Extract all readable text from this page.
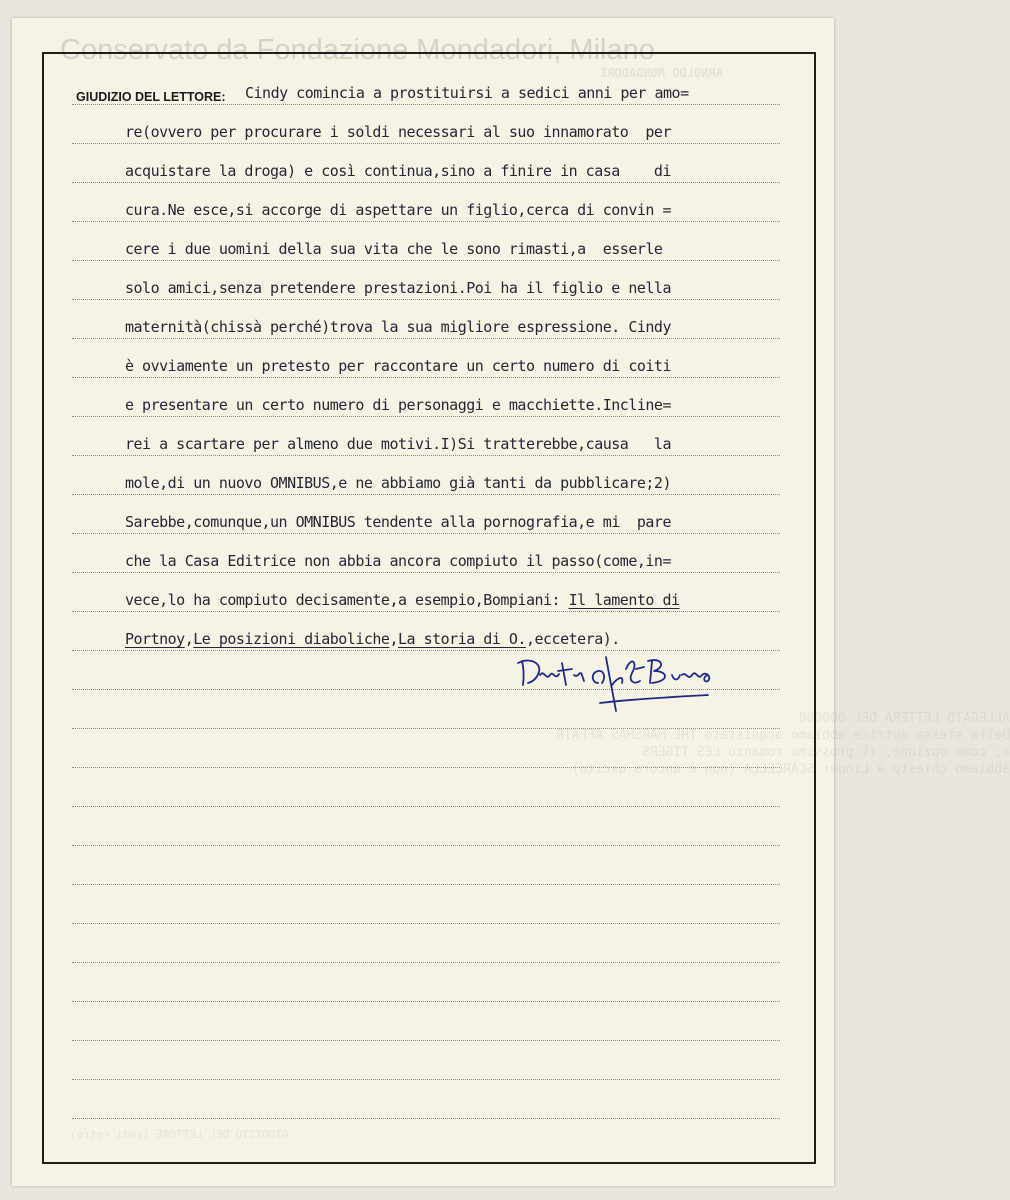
Conservato da Fondazione Mondadori, Milano
ARNOLDO MONDADORI
ALLEGATO LETTERA DEL 000000
Della stessa autrice abbiamo acquistato THE MARSHAS AFFAIR
e, come opzione, il prossimo romanzo LES TIGERS
abbiamo chiesto a Linder SCARCELLA (non è ancora uscito)
GIUDIZIO DEL LETTORE (vedi retro)
GIUDIZIO DEL LETTORE: Cindy comincia a prostituirsi a sedici anni per amo=
re(ovvero per procurare i soldi necessari al suo innamorato  per
acquistare la droga) e così continua,sino a finire in casa    di
cura.Ne esce,si accorge di aspettare un figlio,cerca di convin =
cere i due uomini della sua vita che le sono rimasti,a  esserle
solo amici,senza pretendere prestazioni.Poi ha il figlio e nella
maternità(chissà perché)trova la sua migliore espressione. Cindy
è ovviamente un pretesto per raccontare un certo numero di coiti
e presentare un certo numero di personaggi e macchiette.Incline=
rei a scartare per almeno due motivi.I)Si tratterebbe,causa   la
mole,di un nuovo OMNIBUS,e ne abbiamo già tanti da pubblicare;2)
Sarebbe,comunque,un OMNIBUS tendente alla pornografia,e mi  pare
che la Casa Editrice non abbia ancora compiuto il passo(come,in=
vece,lo ha compiuto decisamente,a esempio,Bompiani: Il lamento di
Portnoy,Le posizioni diaboliche,La storia di O.,eccetera).
